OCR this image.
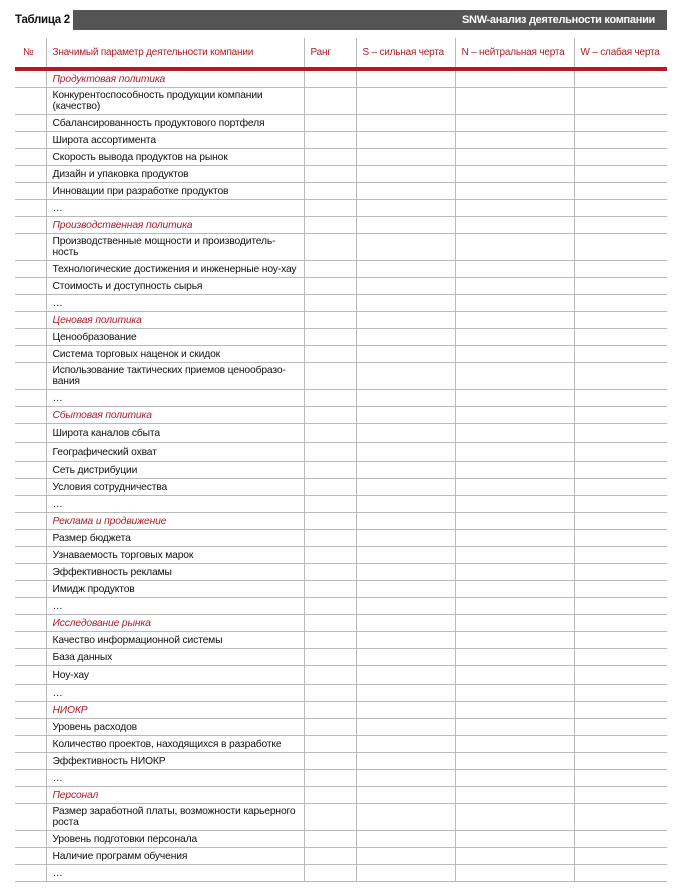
Таблица 2	SNW-анализ деятельности компании
№	Значимый параметр деятельности компании	Ранг	S – сильная черта	N – нейтральная черта	W – слабая черта
	Продуктовая политика				
	Конкурентоспособность продукции компании (качество)				
	Сбалансированность продуктового портфеля				
	Широта ассортимента				
	Скорость вывода продуктов на рынок				
	Дизайн и упаковка продуктов				
	Инновации при разработке продуктов				
	…				
	Производственная политика				
	Производственные мощности и производитель-ность				
	Технологические достижения и инженерные ноу-хау				
	Стоимость и доступность сырья				
	…				
	Ценовая политика				
	Ценообразование				
	Система торговых наценок и скидок				
	Использование тактических приемов ценообразо-вания				
	…				
	Сбытовая политика				
	Широта каналов сбыта				
	Географический охват				
	Сеть дистрибуции				
	Условия сотрудничества				
	…				
	Реклама и продвижение				
	Размер бюджета				
	Узнаваемость торговых марок				
	Эффективность рекламы				
	Имидж продуктов				
	…				
	Исследование рынка				
	Качество информационной системы				
	База данных				
	Ноу-хау				
	…				
	НИОКР				
	Уровень расходов				
	Количество проектов, находящихся в разработке				
	Эффективность НИОКР				
	…				
	Персонал				
	Размер заработной платы, возможности карьерного роста				
	Уровень подготовки персонала				
	Наличие программ обучения				
	…				
